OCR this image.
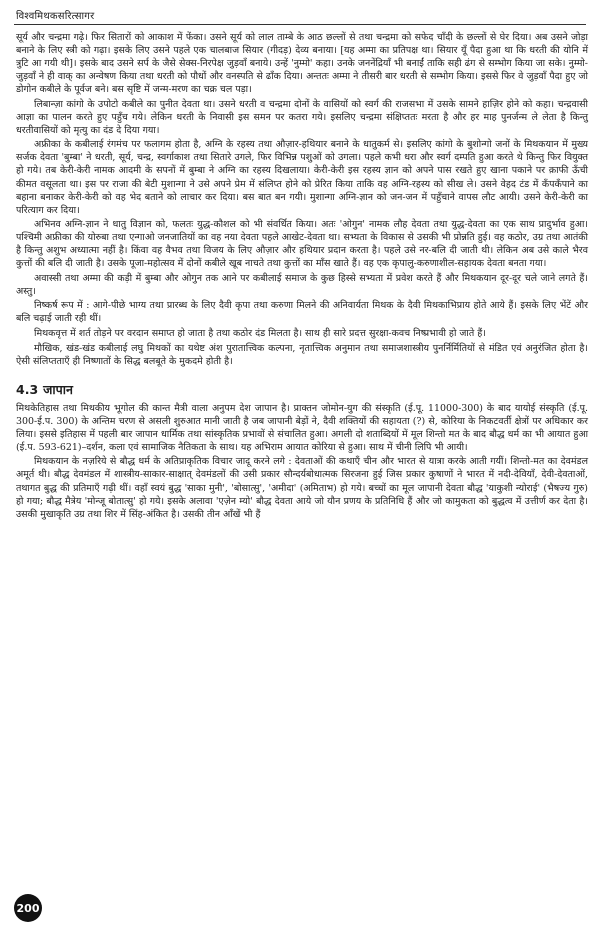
विश्वमिथकसरित्सागर

सूर्य और चन्द्रमा गढ़े। फिर सितारों को आकाश में फेंका। उसने सूर्य को लाल ताम्बे के आठ छल्लों से तथा चन्द्रमा को सफेद चाँदी के छल्लों से घेर दिया। अब उसने जोड़ा बनाने के लिए स्त्री को गढ़ा। इसके लिए उसने पहले एक चालबाज सियार (गीदड़) देव्य बनाया। [यह अम्मा का प्रतिपक्ष था। सियार यूँ पैदा हुआ था कि धरती की योनि में त्रुटि आ गयी थी]। इसके बाद उसने सर्प के जैसे सेक्स-निरपेक्ष जुड़वाँ बनाये। उन्हें 'नुम्मो' कहा। उनके जननेंद्रियाँ भी बनाईं ताकि सही ढंग से सम्भोग किया जा सके। नुम्मो-जुड़वाँ ने ही वाक् का अन्वेषण किया तथा धरती को पौधों और वनस्पति से ढाँक दिया। अन्ततः अम्मा ने तीसरी बार धरती से सम्भोग किया। इससे फिर वे जुड़वाँ पैदा हुए जो डोगोन कबीले के पूर्वज बने। बस सृष्टि में जन्म-मरण का चक्र चल पड़ा।

लिबान्ज़ा कांगो के उपोटो कबीले का पुनीत देवता था। उसने धरती व चन्द्रमा दोनों के वासियों को स्वर्ग की राजसभा में उसके सामने हाज़िर होने को कहा। चन्द्रवासी आज्ञा का पालन करते हुए पहुँच गये। लेकिन धरती के निवासी इस समन पर कतरा गये। इसलिए चन्द्रमा संक्षिप्ततः मरता है और हर माह पुनर्जन्म ले लेता है किन्तु धरतीवासियों को मृत्यु का दंड दे दिया गया।

अफ्रीका के कबीलाई रंगमंच पर फलागम होता है, अग्नि के रहस्य तथा औज़ार-हथियार बनाने के धातुकर्म से। इसलिए कांगो के बुशोन्गो जनों के मिथकयान में मुख्य सर्जक देवता 'बुम्बा' ने धरती, सूर्य, चन्द्र, स्वर्गाकाश तथा सितारे उगले, फिर विभिन्न पशुओं को उगला। पहले कभी धरा और स्वर्ग दम्पति हुआ करते थे किन्तु फिर वियुक्त हो गये। तब केरी-केरी नामक आदमी के सपनों में बुम्बा ने अग्नि का रहस्य दिखलाया। केरी-केरी इस रहस्य ज्ञान को अपने पास रखते हुए खाना पकाने पर क़ाफी ऊँची कीमत वसूलता था। इस पर राजा की बेटी मुशान्गा ने उसे अपने प्रेम में संलिप्त होने को प्रेरित किया ताकि वह अग्नि-रहस्य को सीख ले। उसने वेहद टंड में कँपकँपाने का बहाना बनाकर केरी-केरी को वह भेद बताने को लाचार कर दिया। बस बात बन गयी। मुशान्गा अग्नि-ज्ञान को जन-जन में पहुँचाने वापस लौट आयी। उसने केरी-केरी का परित्याग कर दिया।

अभिनव अग्नि-ज्ञान ने धातु विज्ञान को, फलतः युद्ध-कौशल को भी संवर्धित किया। अतः 'ओगुन' नामक लौह देवता तथा युद्ध-देवता का एक साथ प्रादुर्भाव हुआ। पश्चिमी अफ्रीका की योरुबा तथा एन्गाओ जनजातियों का वह नया देवता पहले आखेट-देवता था। सभ्यता के विकास से उसकी भी प्रोन्नति हुई। वह कठोर, उग्र तथा आतंकी है किन्तु अशुभ अध्यात्मा नहीं है। किंवा वह वैभव तथा विजय के लिए औज़ार और हथियार प्रदान करता है। पहले उसे नर-बलि दी जाती थी। लेकिन अब उसे काले भैरव कुत्तों की बलि दी जाती है। उसके पूजा-महोत्सव में दोनों कबीले खूब नाचते तथा कुत्तों का माँस खाते हैं। वह एक कृपालु-करुणाशील-सहायक देवता बनता गया।

अवास्सी तथा अम्मा की कड़ी में बुम्बा और ओगुन तक आने पर कबीलाई समाज के कुछ हिस्से सभ्यता में प्रवेश करते हैं और मिथकयान दूर-दूर चले जाने लगते हैं। अस्तु।

निष्कर्ष रूप में : आगे-पीछे भाग्य तथा प्रारब्ध के लिए दैवी कृपा तथा करुणा मिलने की अनिवार्यता मिथक के दैवी मिथकाभिप्राय होते आये हैं। इसके लिए भेंटें और बलि चढ़ाई जाती रही थीं।

मिथकवृत्त में शर्त तोड़ने पर वरदान समाप्त हो जाता है तथा कठोर दंड मिलता है। साथ ही सारे प्रदत्त सुरक्षा-कवच निष्प्रभावी हो जाते हैं।

मौखिक, खंड-खंड कबीलाई लघु मिथकों का यथेष्ट अंश पुरातात्त्विक कल्पना, नृतात्त्विक अनुमान तथा समाजशास्त्रीय पुनर्निर्मितियों से मंडित एवं अनुरंजित होता है। ऐसी संलिप्तताएँ ही निष्णातों के सिद्ध बलबूते के मुकदमे होती है।

4.3 जापान

मिथकेतिहास तथा मिथकीय भूगोल की कान्त मैत्री वाला अनुपम देश जापान है। प्राक्तन जोमोन-युग की संस्कृति (ई.पू. 11000-300) के बाद यायोई संस्कृति (ई.पू. 300-ई.प. 300) के अन्तिम चरण से असली शुरुआत मानी जाती है जब जापानी बेड़ों ने, दैवी शक्तियों की सहायता (?) से, कोरिया के निकटवर्ती क्षेत्रों पर अधिकार कर लिया। इससे इतिहास में पहली बार जापान धार्मिक तथा सांस्कृतिक प्रभावों से संचालित हुआ। अगली दो शताब्दियों में मूल शिन्तो मत के बाद बौद्ध धर्म का भी आयात हुआ (ई.प. 593-621)–दर्शन, कला एवं सामाजिक नैतिकता के साथ। यह अभिराम आयात कोरिया से हुआ। साथ में चीनी लिपि भी आयी।

मिथकयान के नज़रिये से बौद्ध धर्म के अतिप्राकृतिक विचार जादू करने लगे : देवताओं की कथाएँ चीन और भारत से यात्रा करके आती गयीं। शिन्तो-मत का देवमंडल अमूर्त थी। बौद्ध देवमंडल में शास्त्रीय-साकार-साक्षात् देवमंडलों की उसी प्रकार सौन्दर्यबोधात्मक सिरजना हुई जिस प्रकार कुषाणों ने भारत में नदी-देवियाँ, देवी-देवताओं, तथागत बुद्ध की प्रतिमाएँ गढ़ी थीं। वहाँ स्वयं बुद्ध 'साका मुनी', 'बोसात्सु', 'अमीदा' (अमिताभ) हो गये। बच्चों का मूल जापानी देवता बौद्ध 'याकुशी न्योराई' (भैषज्य गुरु) हो गया; बौद्ध मैत्रेय 'मोन्जू बोतात्सु' हो गये। इसके अलावा 'एज़ेन म्यो' बौद्ध देवता आये जो यौन प्रणय के प्रतिनिधि हैं और जो कामुकता को बुद्धत्व में उत्तीर्ण कर देता है। उसकी मुखाकृति उग्र तथा शिर में सिंह-अंकित है। उसकी तीन आँखें भी हैं

200
